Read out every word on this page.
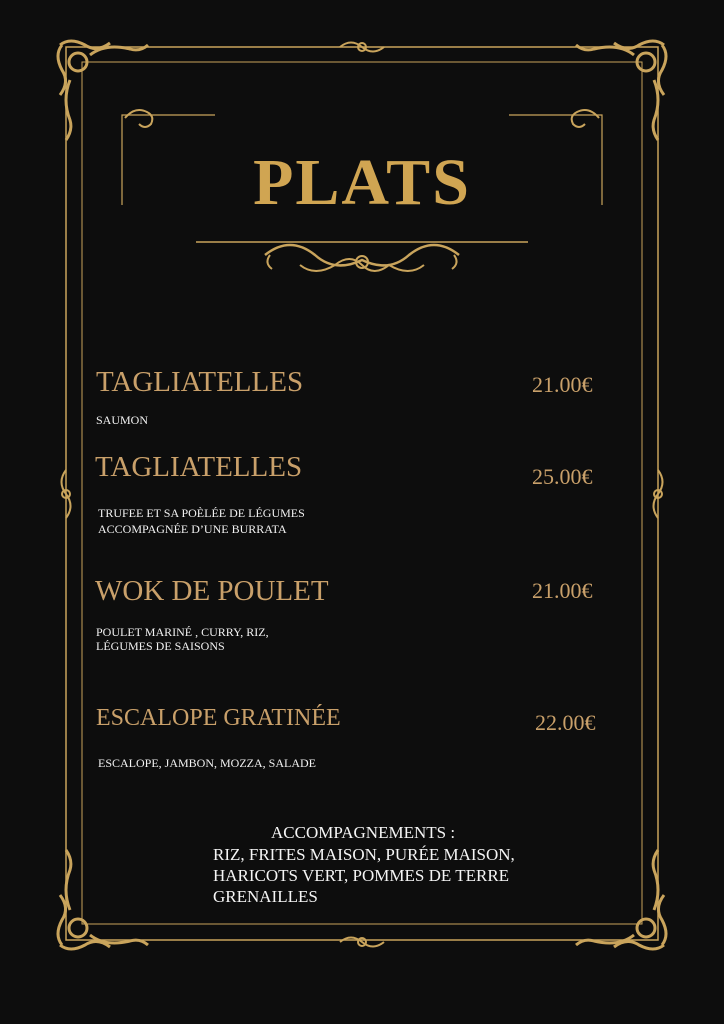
PLATS
TAGLIATELLES	21.00€
SAUMON
TAGLIATELLES	25.00€
TRUFEE ET SA POÈLÉE DE LÉGUMES
ACCOMPAGNÉE D’UNE BURRATA
WOK DE POULET	21.00€
POULET MARINÉ , CURRY, RIZ,
LÉGUMES DE SAISONS
ESCALOPE GRATINÉE	22.00€
ESCALOPE, JAMBON, MOZZA, SALADE
ACCOMPAGNEMENTS :
RIZ, FRITES MAISON, PURÉE MAISON,
HARICOTS VERT, POMMES DE TERRE
GRENAILLES
